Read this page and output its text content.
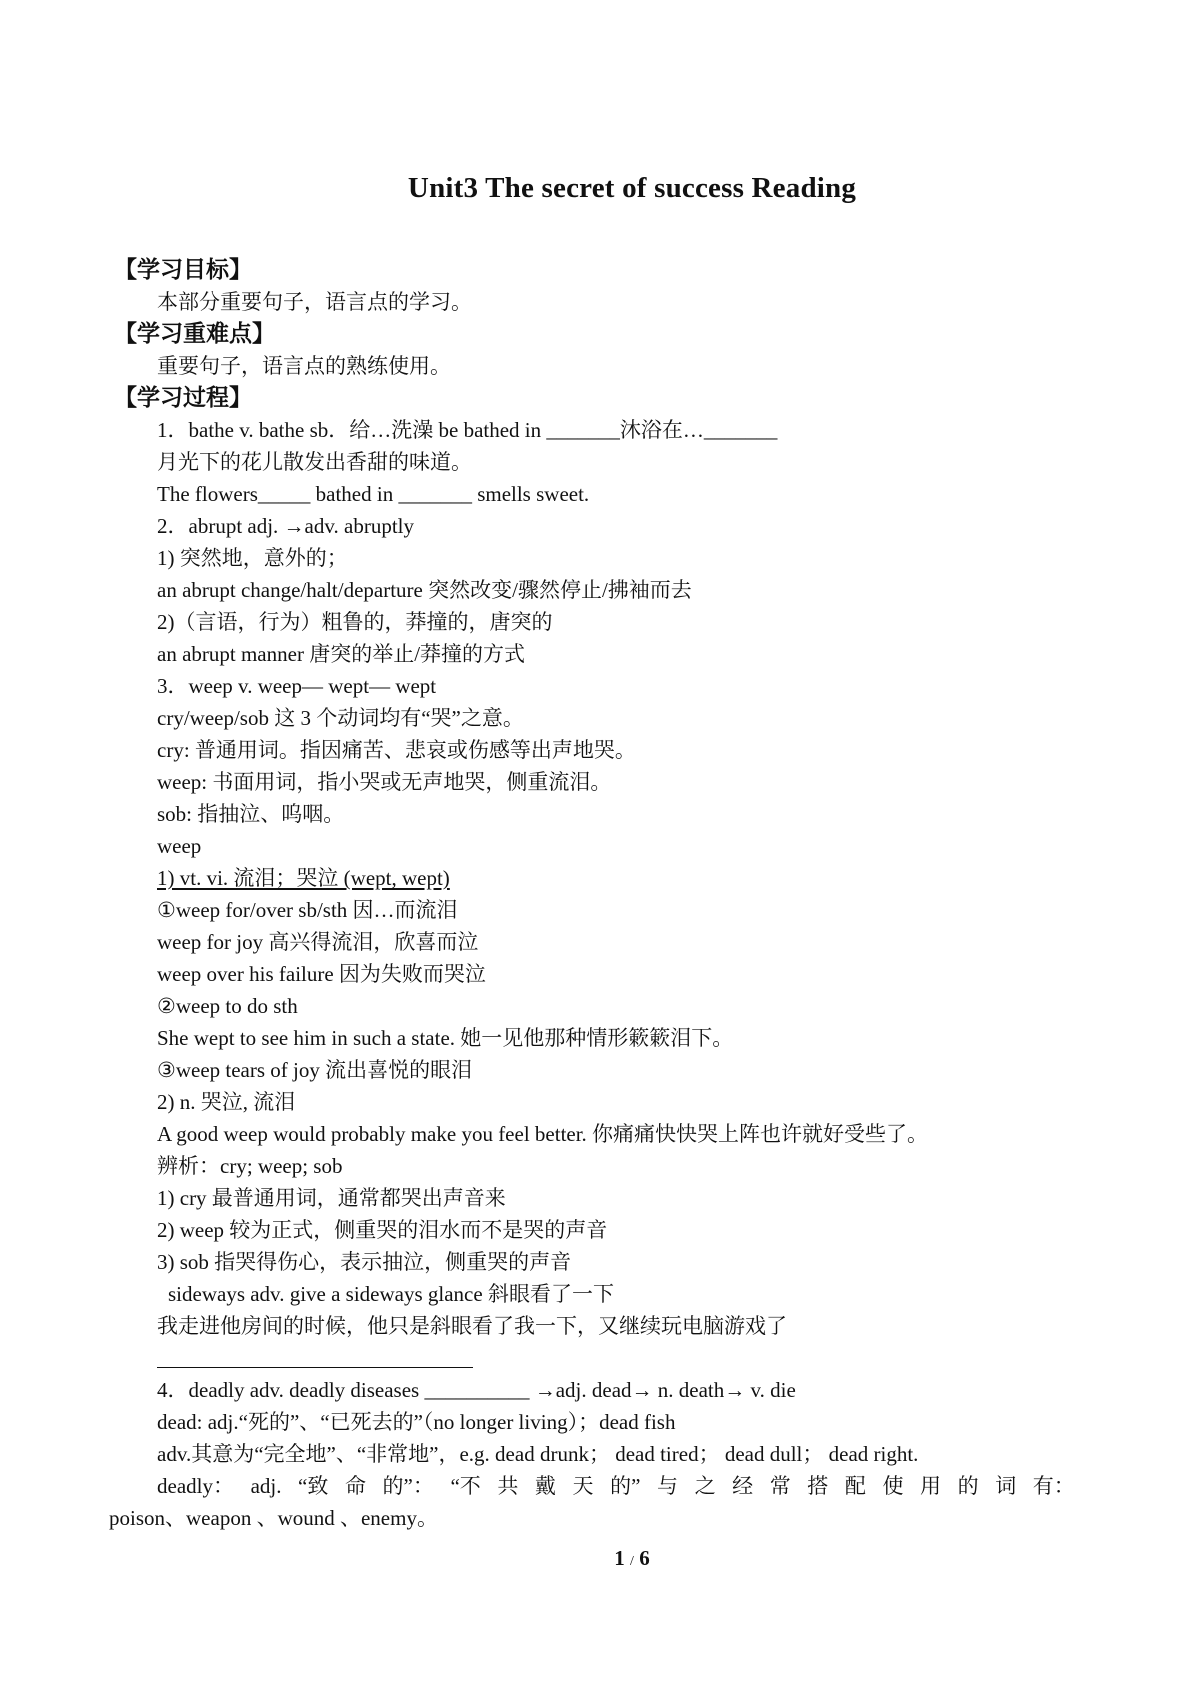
Unit3 The secret of success Reading
【学习目标】
本部分重要句子，语言点的学习。
【学习重难点】
重要句子，语言点的熟练使用。
【学习过程】
1．bathe v. bathe sb．给…洗澡 be bathed in _______沐浴在…_______
月光下的花儿散发出香甜的味道。
The flowers_____ bathed in _______ smells sweet.
2．abrupt adj. →adv. abruptly
1) 突然地，意外的；
an abrupt change/halt/departure 突然改变/骤然停止/拂袖而去
2)（言语，行为）粗鲁的，莽撞的，唐突的
an abrupt manner 唐突的举止/莽撞的方式
3．weep v. weep— wept— wept
cry/weep/sob 这 3 个动词均有“哭”之意。
cry: 普通用词。指因痛苦、悲哀或伤感等出声地哭。
weep: 书面用词，指小哭或无声地哭，侧重流泪。
sob: 指抽泣、呜咽。
weep
1) vt. vi. 流泪；哭泣 (wept, wept)
①weep for/over sb/sth 因…而流泪
weep for joy 高兴得流泪，欣喜而泣
weep over his failure 因为失败而哭泣
②weep to do sth
She wept to see him in such a state. 她一见他那种情形簌簌泪下。
③weep tears of joy 流出喜悦的眼泪
2) n. 哭泣, 流泪
A good weep would probably make you feel better. 你痛痛快快哭上阵也许就好受些了。
辨析：cry; weep; sob
1) cry 最普通用词，通常都哭出声音来
2) weep 较为正式，侧重哭的泪水而不是哭的声音
3) sob 指哭得伤心，表示抽泣，侧重哭的声音
sideways adv. give a sideways glance 斜眼看了一下
我走进他房间的时候，他只是斜眼看了我一下，又继续玩电脑游戏了
4．deadly adv. deadly diseases __________ →adj. dead→ n. death→ v. die
dead: adj.“死的”、“已死去的”（no longer living）；dead fish
adv.其意为“完全地”、“非常地”，e.g. dead drunk； dead tired； dead dull； dead right.
deadly： adj. “致 命 的”： “不 共 戴 天 的” 与 之 经 常 搭 配 使 用 的 词 有：
poison、weapon 、wound 、enemy。
1 / 6
